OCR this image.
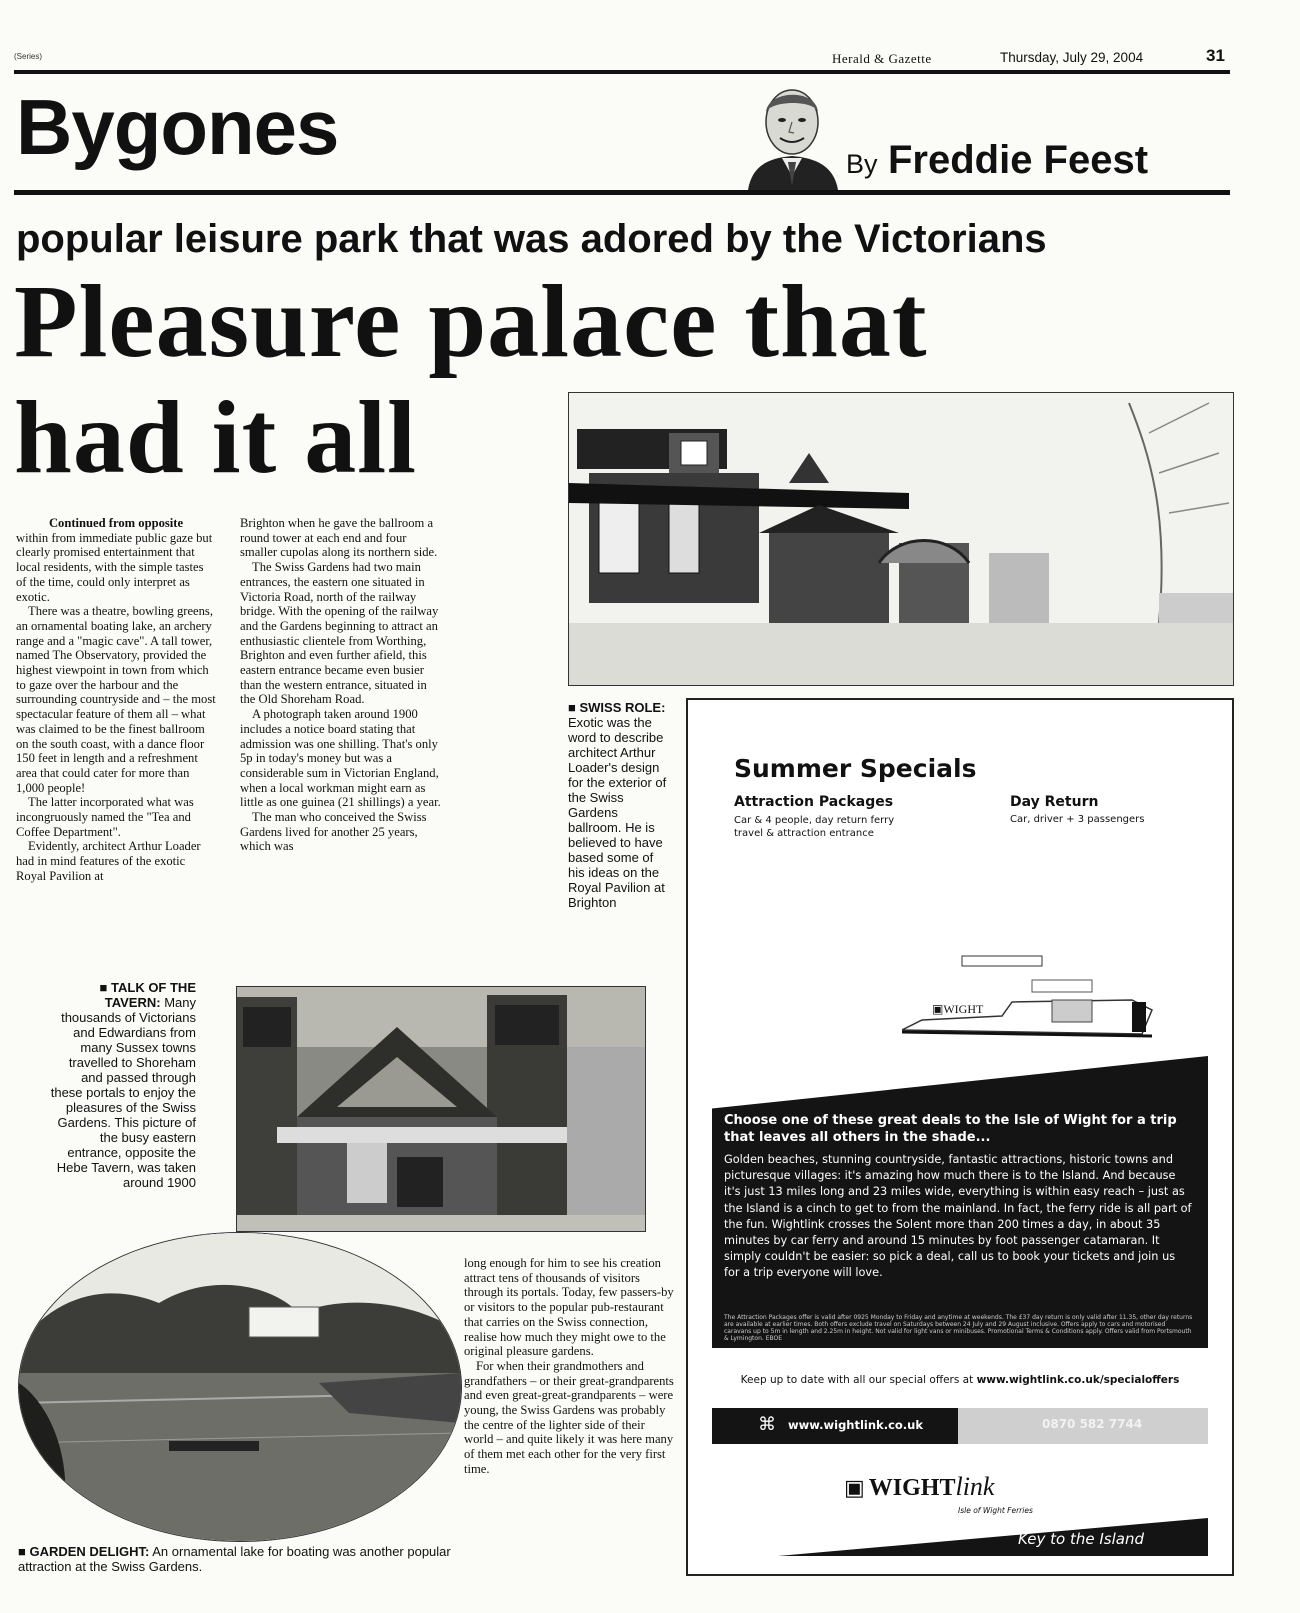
(Series)	Herald & Gazette	Thursday, July 29, 2004	31
Bygones	By Freddie Feest
popular leisure park that was adored by the Victorians
Pleasure palace that
had it all

Continued from opposite

within from immediate public gaze but clearly promised entertainment that local residents, with the simple tastes of the time, could only interpret as exotic.

There was a theatre, bowling greens, an ornamental boating lake, an archery range and a "magic cave". A tall tower, named The Observatory, provided the highest viewpoint in town from which to gaze over the harbour and the surrounding countryside and – the most spectacular feature of them all – what was claimed to be the finest ballroom on the south coast, with a dance floor 150 feet in length and a refreshment area that could cater for more than 1,000 people!

The latter incorporated what was incongruously named the "Tea and Coffee Department".

Evidently, architect Arthur Loader had in mind features of the exotic Royal Pavilion at

Brighton when he gave the ballroom a round tower at each end and four smaller cupolas along its northern side.

The Swiss Gardens had two main entrances, the eastern one situated in Victoria Road, north of the railway bridge. With the opening of the railway and the Gardens beginning to attract an enthusiastic clientele from Worthing, Brighton and even further afield, this eastern entrance became even busier than the western entrance, situated in the Old Shoreham Road.

A photograph taken around 1900 includes a notice board stating that admission was one shilling. That's only 5p in today's money but was a considerable sum in Victorian England, when a local workman might earn as little as one guinea (21 shillings) a year.

The man who conceived the Swiss Gardens lived for another 25 years, which was

■ SWISS ROLE: Exotic was the word to describe architect Arthur Loader's design for the exterior of the Swiss Gardens ballroom. He is believed to have based some of his ideas on the Royal Pavilion at Brighton
■ TALK OF THE TAVERN: Many thousands of Victorians and Edwardians from many Sussex towns travelled to Shoreham and passed through these portals to enjoy the pleasures of the Swiss Gardens. This picture of the busy eastern entrance, opposite the Hebe Tavern, was taken around 1900
■ GARDEN DELIGHT: An ornamental lake for boating was another popular attraction at the Swiss Gardens.

long enough for him to see his creation attract tens of thousands of visitors through its portals. Today, few passers-by or visitors to the popular pub-restaurant that carries on the Swiss connection, realise how much they might owe to the original pleasure gardens.

For when their grandmothers and grandfathers – or their great-grandparents and even great-great-grandparents – were young, the Swiss Gardens was probably the centre of the lighter side of their world – and quite likely it was here many of them met each other for the very first time.

Summer Specials
Attraction Packages
Car & 4 people, day return ferry travel & attraction entrance
Day Return
Car, driver + 3 passengers
▣WIGHT
Choose one of these great deals to the Isle of Wight for a trip that leaves all others in the shade...
Golden beaches, stunning countryside, fantastic attractions, historic towns and picturesque villages: it's amazing how much there is to the Island. And because it's just 13 miles long and 23 miles wide, everything is within easy reach – just as the Island is a cinch to get to from the mainland. In fact, the ferry ride is all part of the fun. Wightlink crosses the Solent more than 200 times a day, in about 35 minutes by car ferry and around 15 minutes by foot passenger catamaran. It simply couldn't be easier: so pick a deal, call us to book your tickets and join us for a trip everyone will love.
The Attraction Packages offer is valid after 0925 Monday to Friday and anytime at weekends. The £37 day return is only valid after 11.35, other day returns are available at earlier times. Both offers exclude travel on Saturdays between 24 July and 29 August inclusive. Offers apply to cars and motorised caravans up to 5m in length and 2.25m in height. Not valid for light vans or minibuses. Promotional Terms & Conditions apply. Offers valid from Portsmouth & Lymington. EBOE
Keep up to date with all our special offers at www.wightlink.co.uk/specialoffers
⌘ www.wightlink.co.uk	0870 582 7744
▣ WIGHTlink
Isle of Wight Ferries
Key to the Island
